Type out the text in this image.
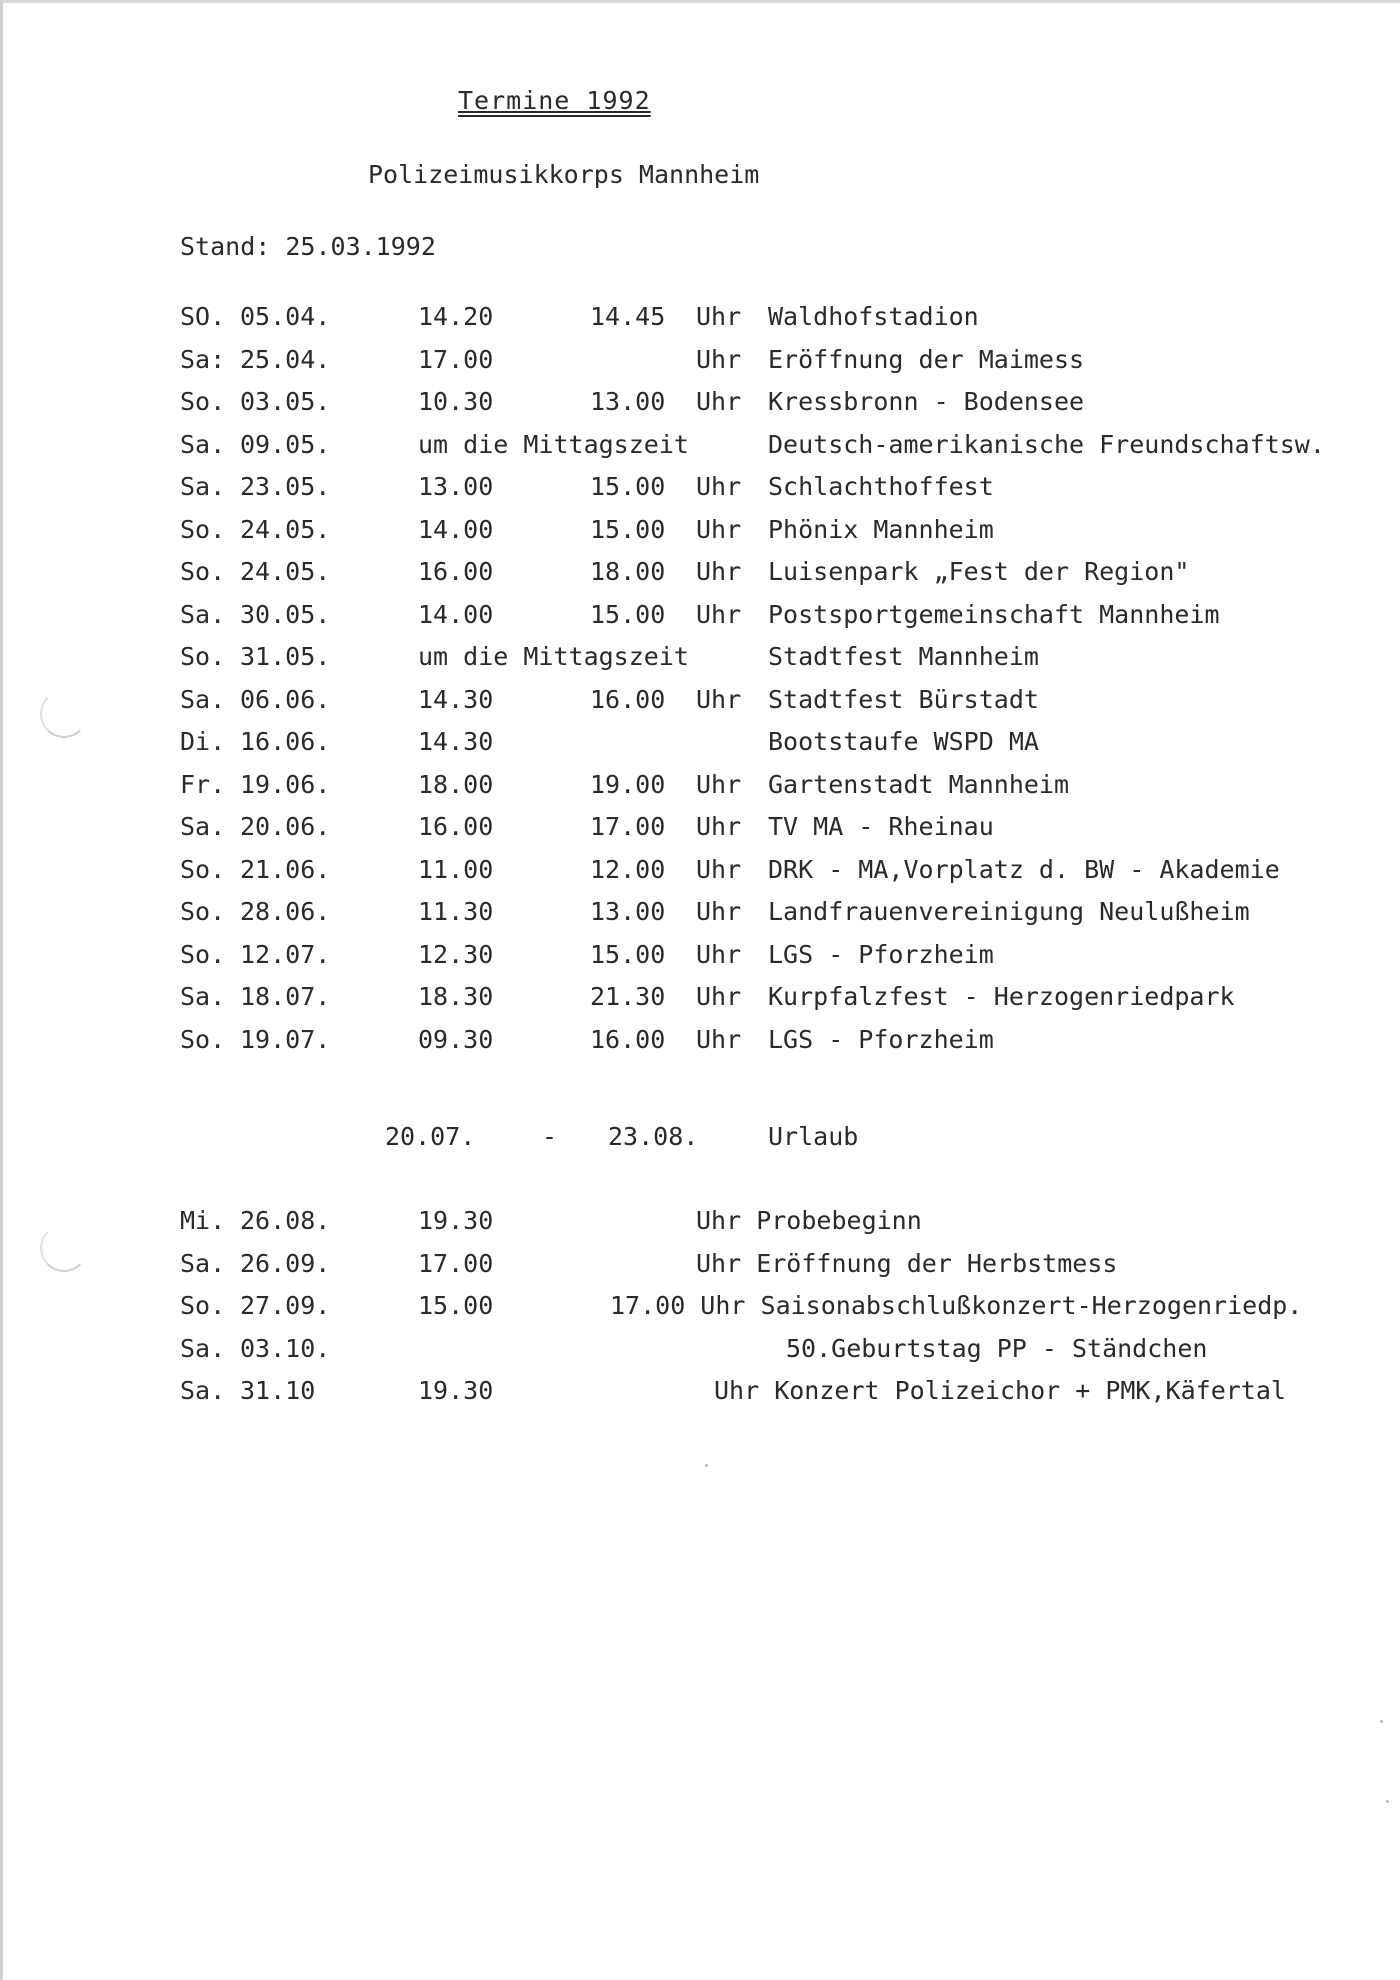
Termine 1992
Polizeimusikkorps Mannheim
Stand: 25.03.1992
SO. 05.04.	14.20	14.45 Uhr Waldhofstadion
Sa: 25.04.	17.00	Uhr Eröffnung der Maimess
So. 03.05.	10.30	13.00 Uhr Kressbronn - Bodensee
Sa. 09.05.	um die Mittagszeit	Deutsch-amerikanische Freundschaftsw.
Sa. 23.05.	13.00	15.00 Uhr Schlachthoffest
So. 24.05.	14.00	15.00 Uhr Phönix Mannheim
So. 24.05.	16.00	18.00 Uhr Luisenpark „Fest der Region"
Sa. 30.05.	14.00	15.00 Uhr Postsportgemeinschaft Mannheim
So. 31.05.	um die Mittagszeit	Stadtfest Mannheim
Sa. 06.06.	14.30	16.00 Uhr Stadtfest Bürstadt
Di. 16.06.	14.30	Bootstaufe WSPD MA
Fr. 19.06.	18.00	19.00 Uhr Gartenstadt Mannheim
Sa. 20.06.	16.00	17.00 Uhr TV MA - Rheinau
So. 21.06.	11.00	12.00 Uhr DRK - MA,Vorplatz d. BW - Akademie
So. 28.06.	11.30	13.00 Uhr Landfrauenvereinigung Neulußheim
So. 12.07.	12.30	15.00 Uhr LGS - Pforzheim
Sa. 18.07.	18.30	21.30 Uhr Kurpfalzfest - Herzogenriedpark
So. 19.07.	09.30	16.00 Uhr LGS - Pforzheim
20.07.	- 23.08.	Urlaub
Mi. 26.08.	19.30	Uhr Probebeginn
Sa. 26.09.	17.00	Uhr Eröffnung der Herbstmess
So. 27.09.	15.00	17.00 Uhr Saisonabschlußkonzert-Herzogenriedp.
Sa. 03.10.	50.Geburtstag PP - Ständchen
Sa. 31.10	19.30	Uhr Konzert Polizeichor + PMK,Käfertal
